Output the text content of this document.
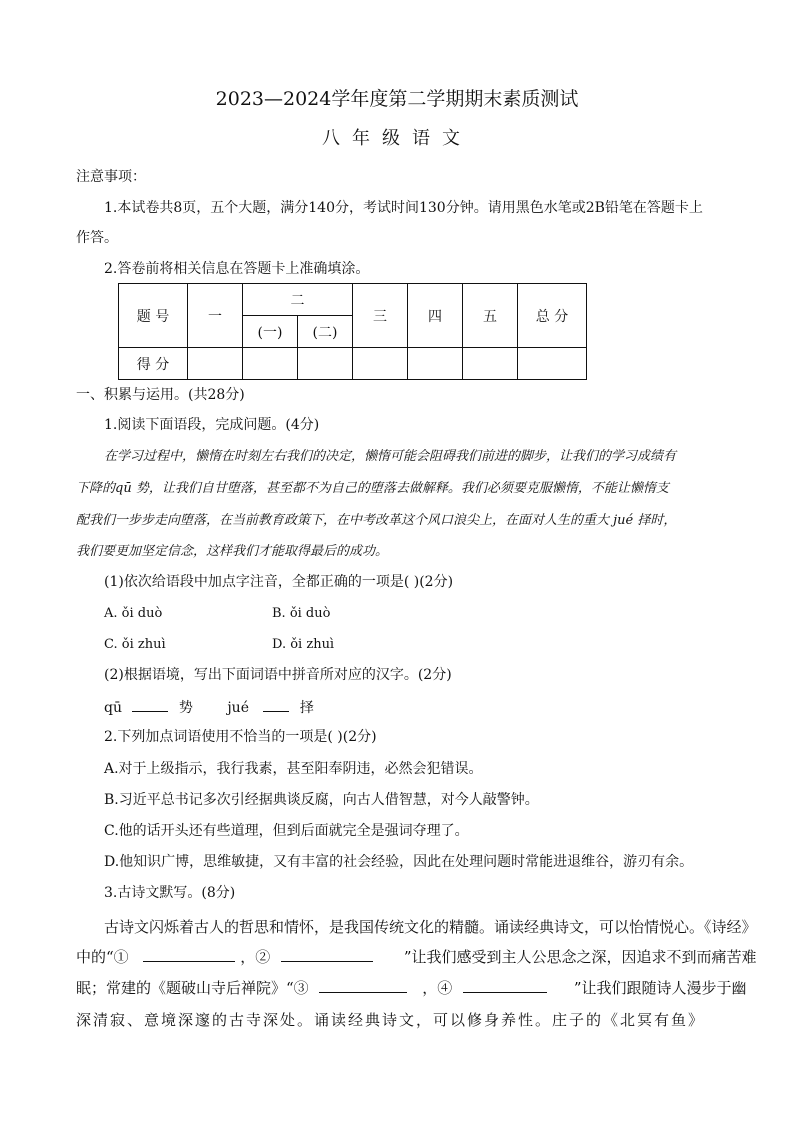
2023—2024学年度第二学期期末素质测试
八年级语文
注意事项：
1.本试卷共8页，五个大题，满分140分，考试时间130分钟。请用黑色水笔或2B铅笔在答题卡上
作答。
2.答卷前将相关信息在答题卡上准确填涂。
题 号	一	二		三	四	五	总 分
		(一)	(二)				
得 分							
一、积累与运用。(共28分)
1.阅读下面语段，完成问题。(4分)
在学习过程中，懒惰在时刻左右我们的决定，懒惰可能会阻碍我们前进的脚步，让我们的学习成绩有
下降的qū 势，让我们自甘堕落，甚至都不为自己的堕落去做解释。我们必须要克服懒惰，不能让懒惰支
配我们一步步走向堕落，在当前教育政策下，在中考改革这个风口浪尖上，在面对人生的重大 jué 择时，
我们要更加坚定信念，这样我们才能取得最后的成功。
(1)依次给语段中加点字注音，全都正确的一项是( )(2分)
A. ǒi duò	B. ǒi duò
C. ǒi zhuì	D. ǒi zhuì
(2)根据语境，写出下面词语中拼音所对应的汉字。(2分)
qū	势 jué	择
2.下列加点词语使用不恰当的一项是( )(2分)
A.对于上级指示，我行我素，甚至阳奉阴违，必然会犯错误。
B.习近平总书记多次引经据典谈反腐，向古人借智慧，对今人敲警钟。
C.他的话开头还有些道理，但到后面就完全是强词夺理了。
D.他知识广博，思维敏捷，又有丰富的社会经验，因此在处理问题时常能进退维谷，游刃有余。
3.古诗文默写。(8分)
古诗文闪烁着古人的哲思和情怀，是我国传统文化的精髓。诵读经典诗文，可以怡情悦心。《诗经》
中的“①	，②	”让我们感受到主人公思念之深，因追求不到而痛苦难
眠；常建的《题破山寺后禅院》“③	，④	”让我们跟随诗人漫步于幽
深清寂、意境深邃的古寺深处。诵读经典诗文，可以修身养性。庄子的《北冥有鱼》
